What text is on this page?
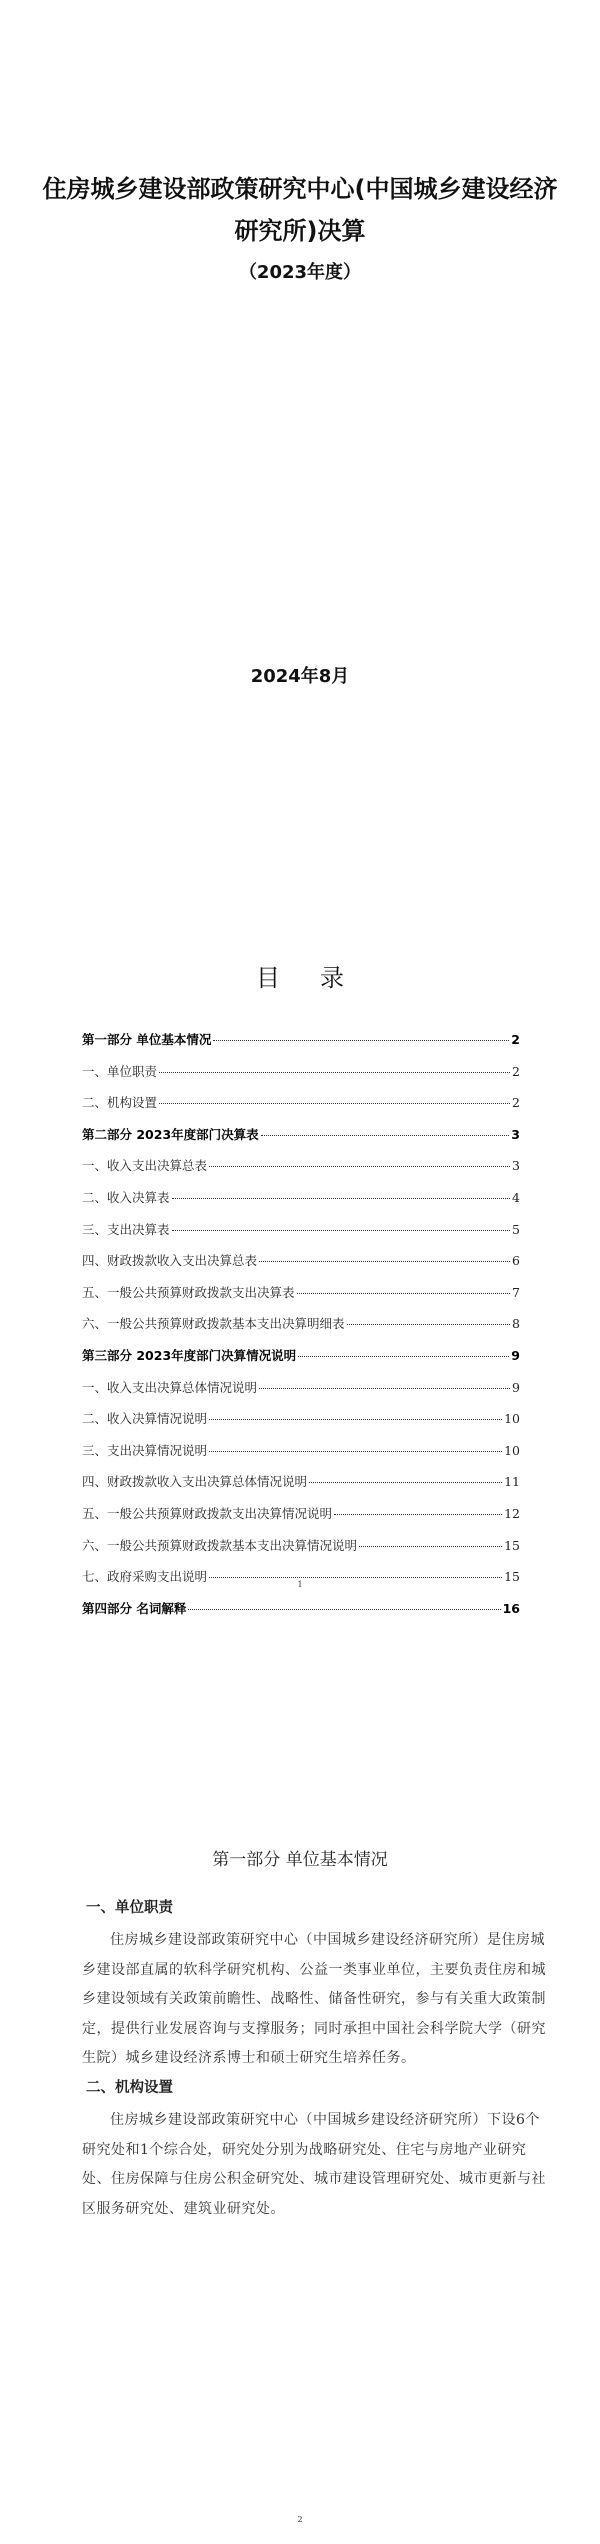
住房城乡建设部政策研究中心(中国城乡建设经济研究所)决算
（2023年度）
2024年8月
目录
第一部分 单位基本情况	2
一、单位职责	2
二、机构设置	2
第二部分 2023年度部门决算表	3
一、收入支出决算总表	3
二、收入决算表	4
三、支出决算表	5
四、财政拨款收入支出决算总表	6
五、一般公共预算财政拨款支出决算表	7
六、一般公共预算财政拨款基本支出决算明细表	8
第三部分 2023年度部门决算情况说明	9
一、收入支出决算总体情况说明	9
二、收入决算情况说明	10
三、支出决算情况说明	10
四、财政拨款收入支出决算总体情况说明	11
五、一般公共预算财政拨款支出决算情况说明	12
六、一般公共预算财政拨款基本支出决算情况说明	15
七、政府采购支出说明	15
第四部分 名词解释	16
1
第一部分 单位基本情况
一、单位职责
住房城乡建设部政策研究中心（中国城乡建设经济研究所）是住房城乡建设部直属的软科学研究机构、公益一类事业单位，主要负责住房和城乡建设领域有关政策前瞻性、战略性、储备性研究，参与有关重大政策制定，提供行业发展咨询与支撑服务；同时承担中国社会科学院大学（研究生院）城乡建设经济系博士和硕士研究生培养任务。
二、机构设置
住房城乡建设部政策研究中心（中国城乡建设经济研究所）下设6个研究处和1个综合处，研究处分别为战略研究处、住宅与房地产业研究处、住房保障与住房公积金研究处、城市建设管理研究处、城市更新与社区服务研究处、建筑业研究处。
2
